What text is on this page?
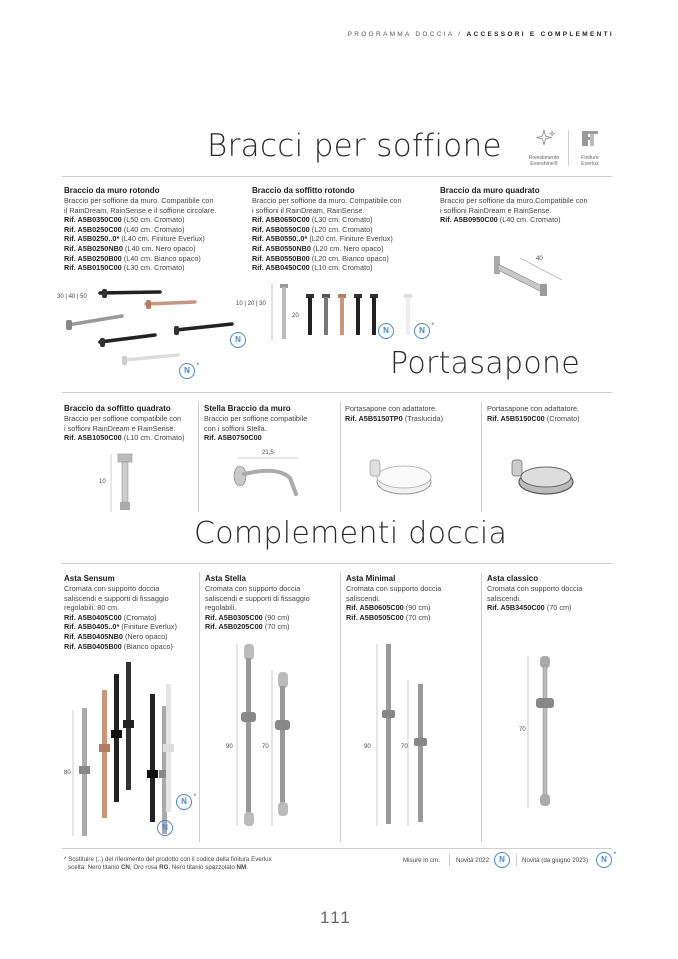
PROGRAMMA DOCCIA / ACCESSORI E COMPLEMENTI
Bracci per soffione	Rivestimento
Evershine®
Finiture
Everlux
Braccio da muro rotondo
Braccio per soffione da muro. Compatibile con
il RainDream, RainSense e il soffione circolare.
Rif. A5B0350C00 (L50 cm. Cromato)
Rif. A5B0250C00 (L40 cm. Cromato)
Rif. A5B0250..0* (L40 cm. Finiture Everlux)
Rif. A5B0250NB0 (L40 cm. Nero opaco)
Rif. A5B0250B00 (L40 cm. Bianco opaco)
Rif. A5B0150C00 (L30 cm. Cromato)
Braccio da soffitto rotondo
Braccio per soffione da muro. Compatibile con
i soffioni il RainDream, RainSense.
Rif. A5B0650C00 (L30 cm. Cromato)
Rif. A5B0550C00 (L20 cm. Cromato)
Rif. A5B0550..0* (L20 cm. Finiture Everlux)
Rif. A5B0550NB0 (L20 cm. Nero opaco)
Rif. A5B0550B00 (L20 cm. Bianco opaco)
Rif. A5B0450C00 (L10 cm. Cromato)
Braccio da muro quadrato
Braccio per soffione da muro.Compatibile con
i soffioni RainDream e RainSense.
Rif. A5B0950C00 (L40 cm. Cromato)
30 | 40 | 50
N
N *
10 | 20 | 30
20
N	N *
40
Portasapone
Braccio da soffitto quadrato
Braccio per soffione compatibile con
i soffioni RainDream e RainSense.
Rif. A5B1050C00 (L10 cm. Cromato)
Stella Braccio da muro
Braccio per soffione compatibile
con i soffioni Stella.
Rif. A5B0750C00
Portasapone con adattatore.
Rif. A5B5150TP0 (Traslucida)
Portasapone con adattatore.
Rif. A5B5150C00 (Cromato)
10
21,5
Complementi doccia
Asta Sensum
Cromata con supporto doccia
saliscendi e supporti di fissaggio
regolabili. 80 cm.
Rif. A5B0405C00 (Cromato)
Rif. A5B0405..0* (Finiture Everlux)
Rif. A5B0405NB0 (Nero opaco)
Rif. A5B0405B00 (Bianco opaco)
Asta Stella
Cromata con supporto doccia
saliscendi e supporti di fissaggio
regolabili.
Rif. A5B0305C00 (90 cm)
Rif. A5B0205C00 (70 cm)
Asta Minimal
Cromata con supporto doccia
saliscendi.
Rif. A5B0605C00 (90 cm)
Rif. A5B0505C00 (70 cm)
Asta classico
Cromata con supporto doccia
saliscendi.
Rif. A5B3450C00 (70 cm)
80
N *
N
90	70	90	70
70
* Sostituire (..) del riferimento del prodotto con il codice della finitura Everlux
scelta: Nero titanio CN, Oro rosa RG, Nero titanio spazzolato NM.
Misure in cm.	Novità 2022	N	Novità (da giugno 2023)	N *
111
